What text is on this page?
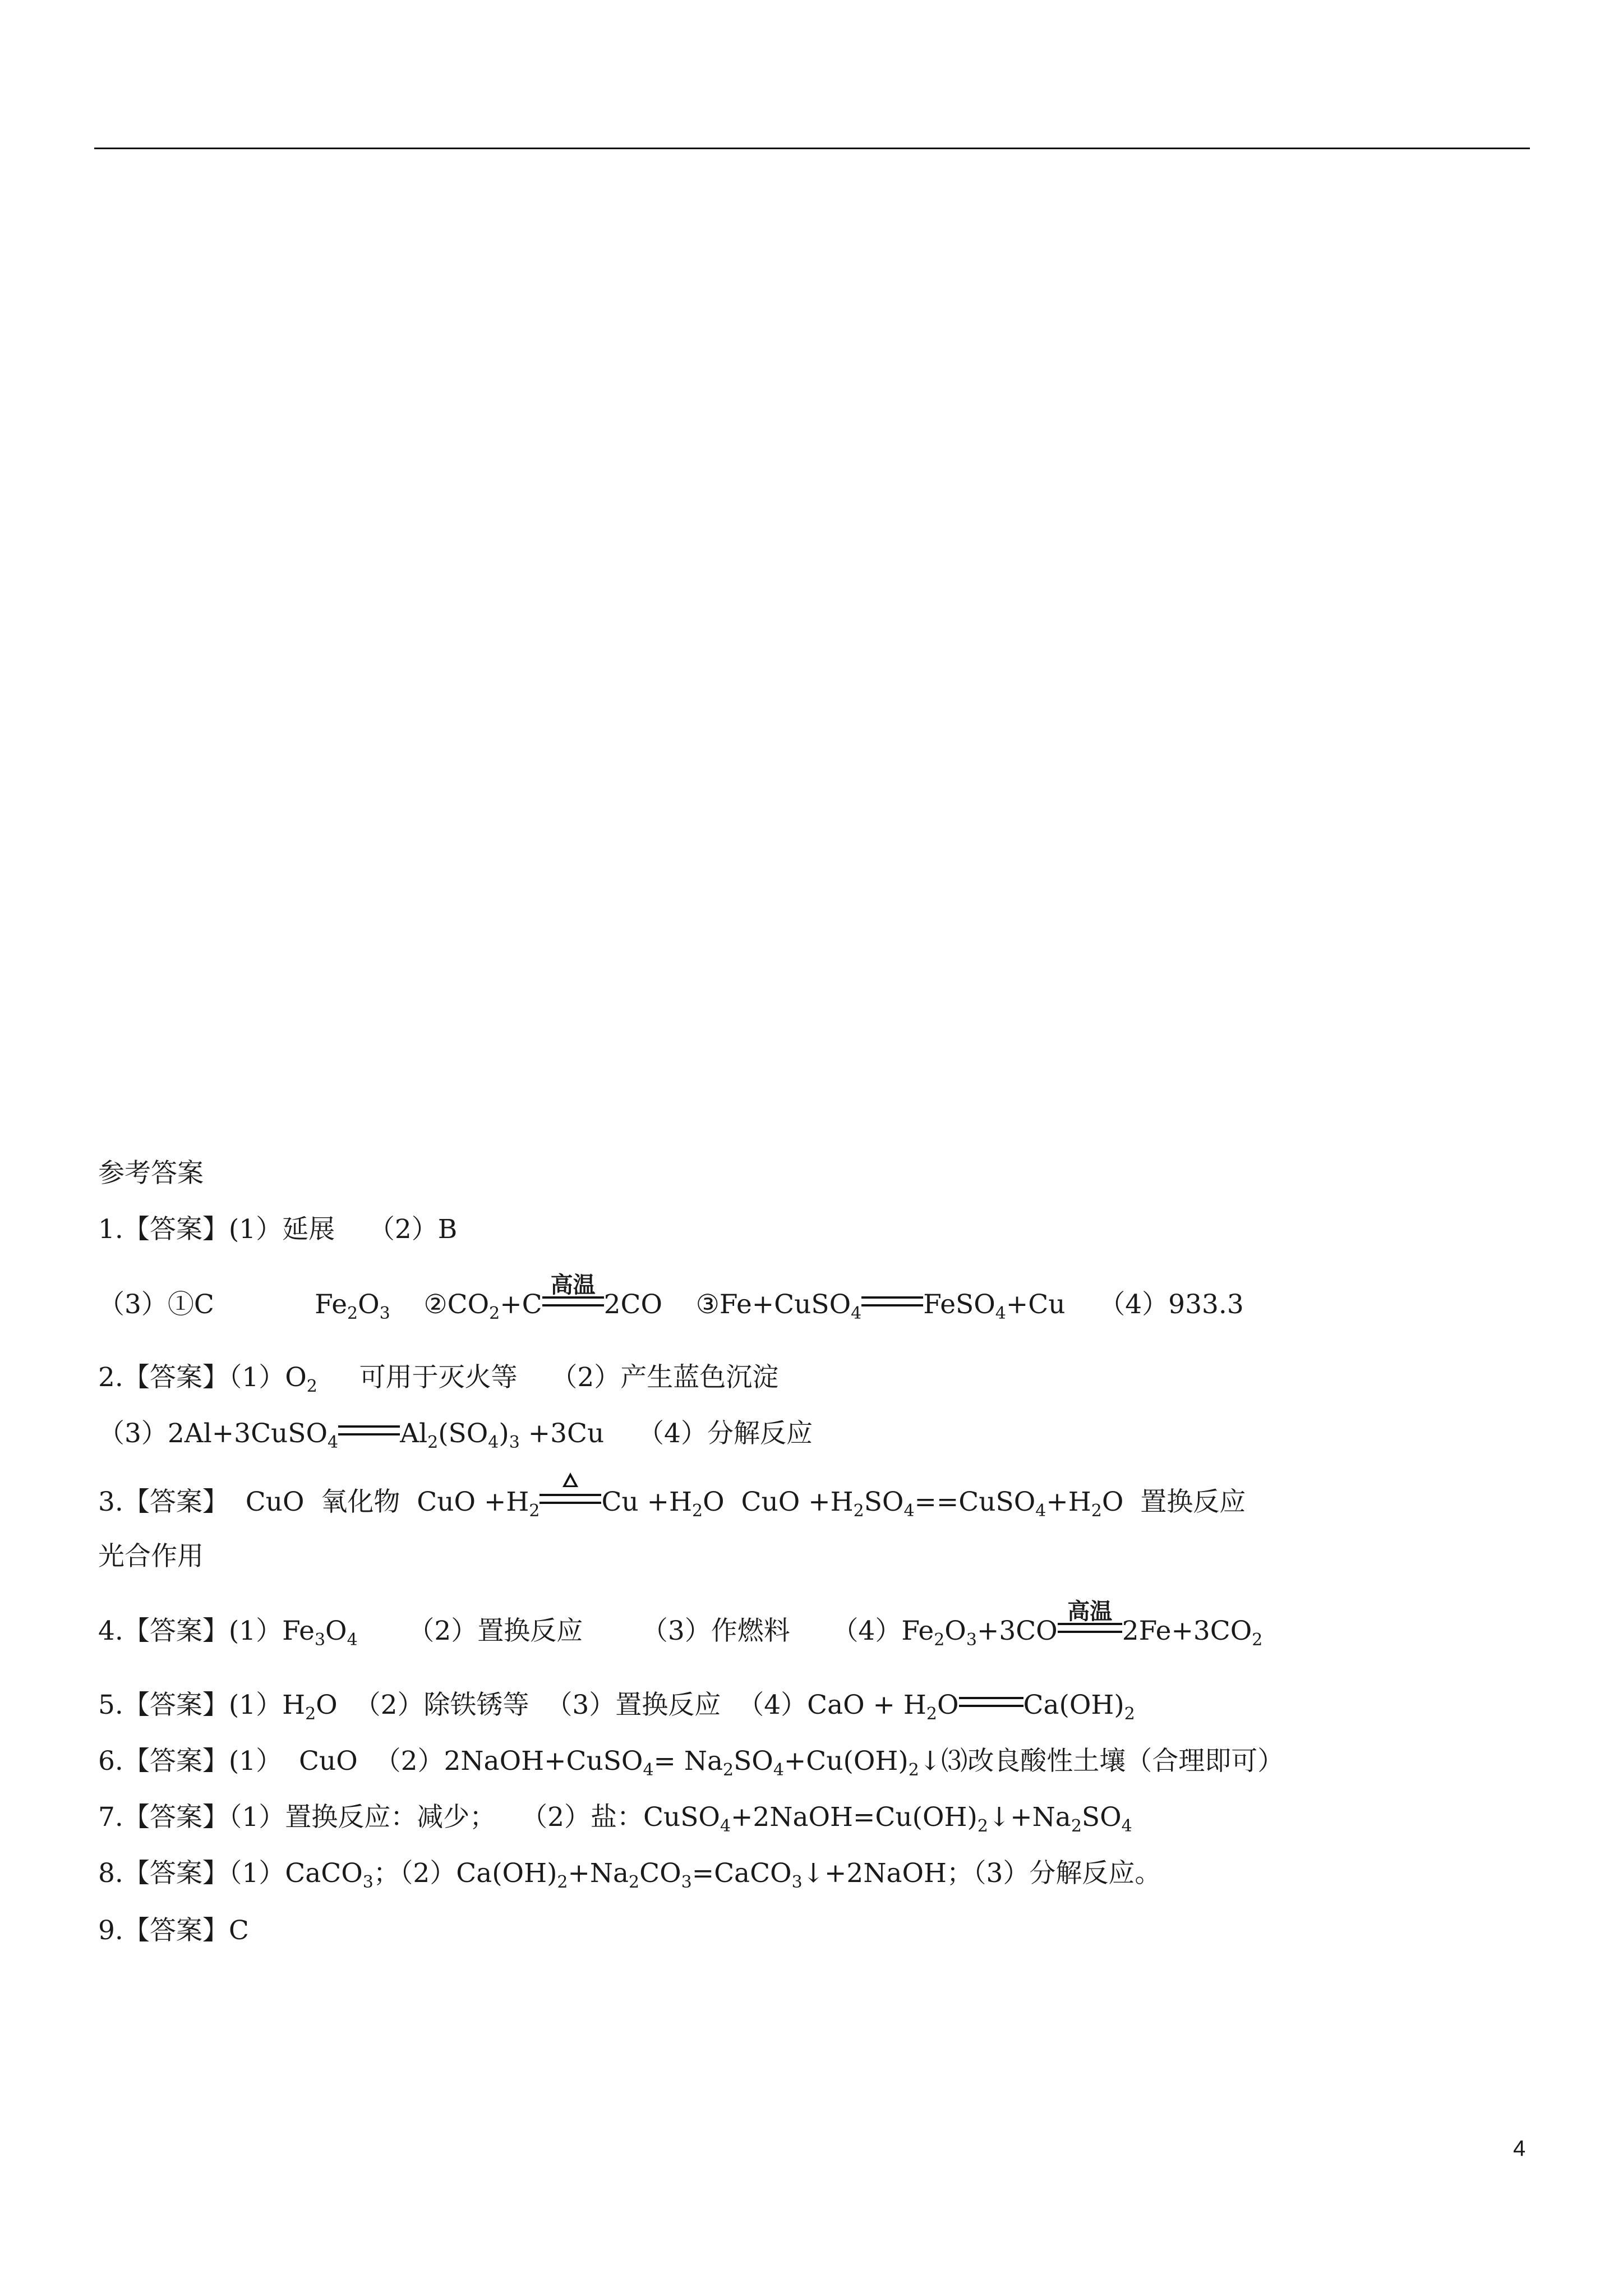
参考答案
1.【答案】(1）延展 （2）B
（3）①C	$Fe_2O_3$ $②CO_2+C$
高温
2CO ③Fe+CuSO$_4$ FeSO$_4$+Cu （4）933.3
2.【答案】$(1)O_2$ 可用于灭火等 （2）产生蓝色沉淀
（3）2Al+3CuSO$_4$ $Al_2(SO_4)_3 +3Cu$ （4）分解反应
3.【答案】 CuO 氧化物 CuO $+H_2$ $Cu +H_2O$ CuO $+H_2SO_4==CuSO_4+H_2O$ 置换反应
光合作用
4.【答案】$(1)Fe_3O_4$ （2）置换反应 （3）作燃料 $(4)Fe_2O_3+3CO$
高温
$2Fe+3CO_2$
5.【答案】$(1)H_2O$ （2）除铁锈等 （3）置换反应 $(4)CaO + H_2O$ $Ca(OH)_2$
6.【答案】(1）  CuO （2）2NaOH+CuSO$_4$= $Na_2SO_4+Cu(OH)_2↓⑶$改良酸性土壤（合理即可）
7.【答案】（1）置换反应：减少； （2）盐：$CuSO_4+2NaOH=Cu(OH)_2↓+Na_2SO_4$
8.【答案】（1）CaCO$_3$；$(2)Ca(OH)_2+Na_2CO_3=CaCO_3↓+2NaOH$；（3）分解反应。
9.【答案】C
4
